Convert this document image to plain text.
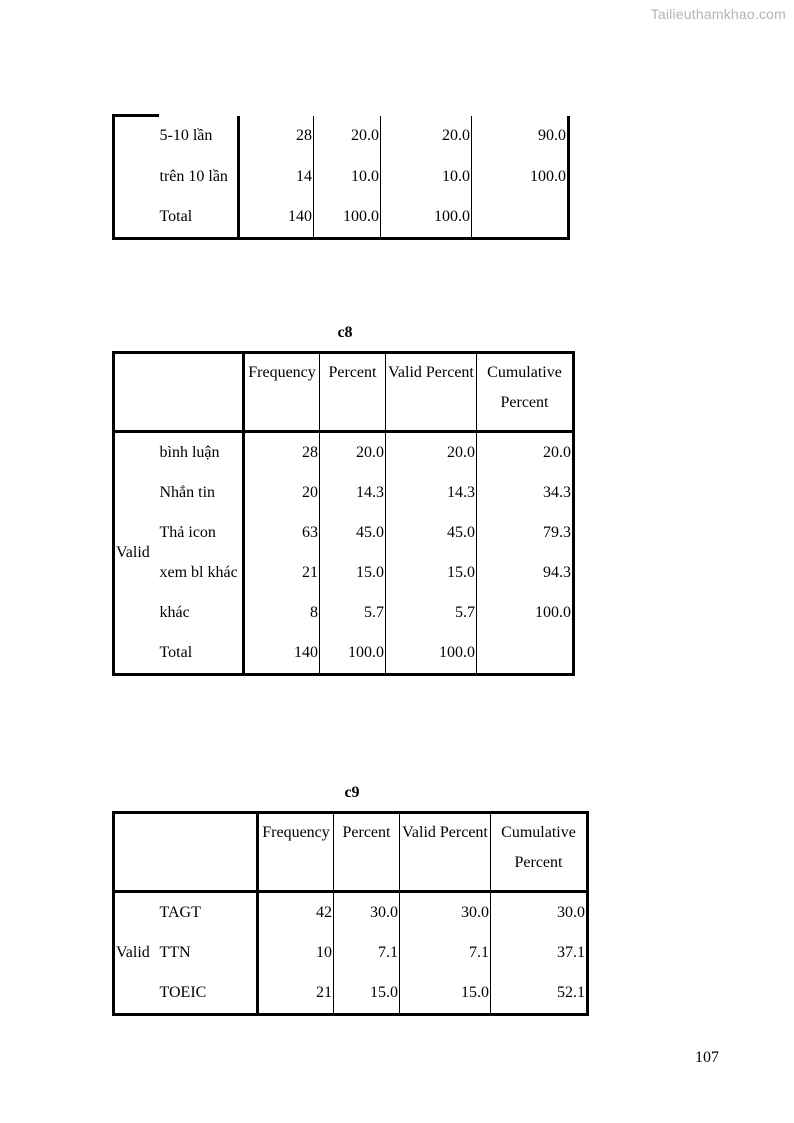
Tailieuthamkhao.com
	5-10 lần	28	20.0	20.0	90.0
	trên 10 lần	14	10.0	10.0	100.0
	Total	140	100.0	100.0	
c8
		Frequency	Percent	Valid Percent	Cumulative Percent
Valid	bình luận	28	20.0	20.0	20.0
	Nhắn tin	20	14.3	14.3	34.3
	Thả icon	63	45.0	45.0	79.3
	xem bl khác	21	15.0	15.0	94.3
	khác	8	5.7	5.7	100.0
	Total	140	100.0	100.0	
c9
		Frequency	Percent	Valid Percent	Cumulative Percent
Valid	TAGT	42	30.0	30.0	30.0
	TTN	10	7.1	7.1	37.1
	TOEIC	21	15.0	15.0	52.1
107
